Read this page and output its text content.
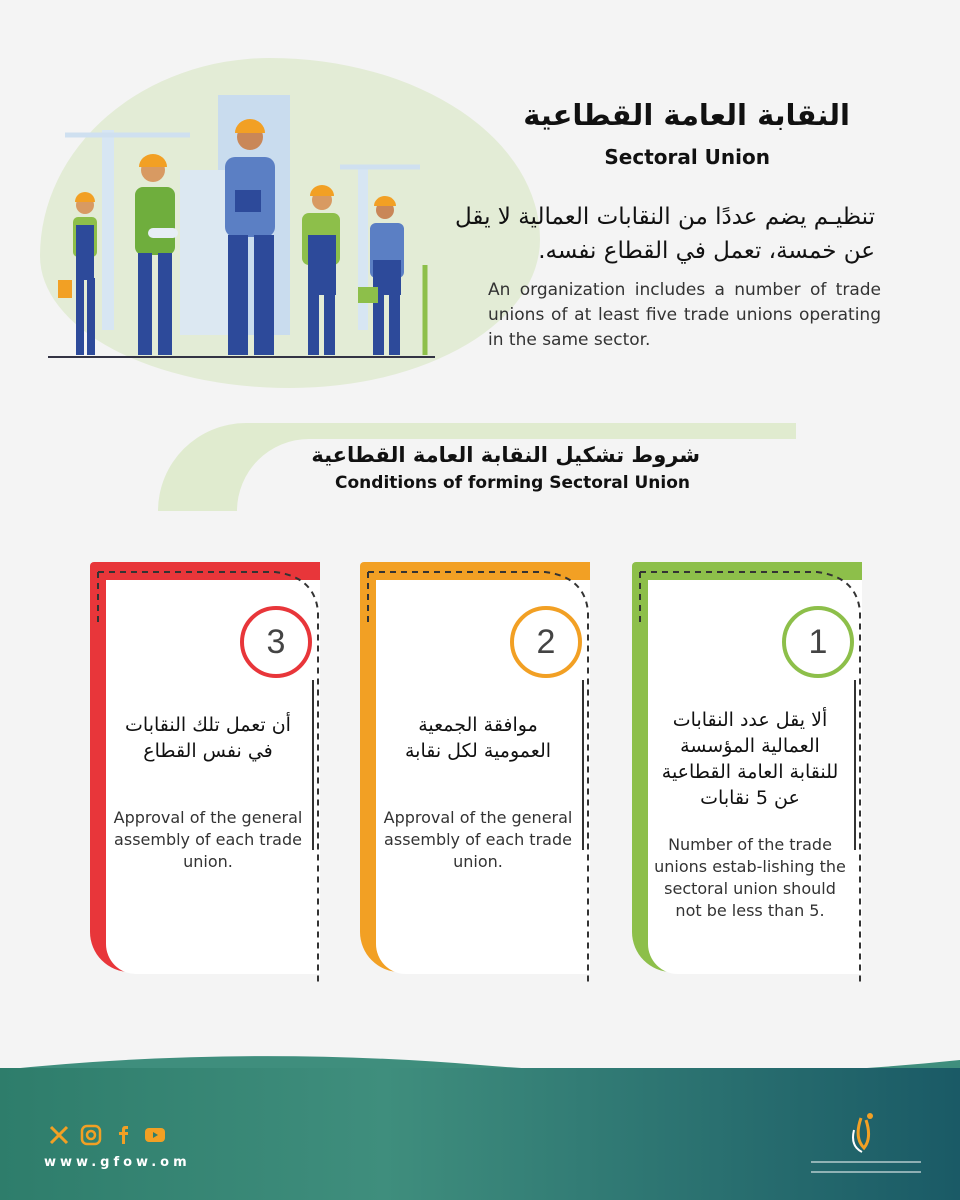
النقابة العامة القطاعية
Sectoral Union
تنظيـم يضم عددًا من النقابات العمالية لا يقل عن خمسة، تعمل في القطاع نفسه.
An organization includes a number of trade unions of at least five trade unions operating in the same sector.
شروط تشكيل النقابة العامة القطاعية
Conditions of forming Sectoral Union
3
أن تعمل تلك النقابات في نفس القطاع
Approval of the general assembly of each trade union.
2
موافقة الجمعية العمومية لكل نقابة
Approval of the general assembly of each trade union.
1
ألا يقل عدد النقابات العمالية المؤسسة للنقابة العامة القطاعية عن 5 نقابات
Number of the trade unions estab-lishing the sectoral union should not be less than 5.
www.gfow.om
